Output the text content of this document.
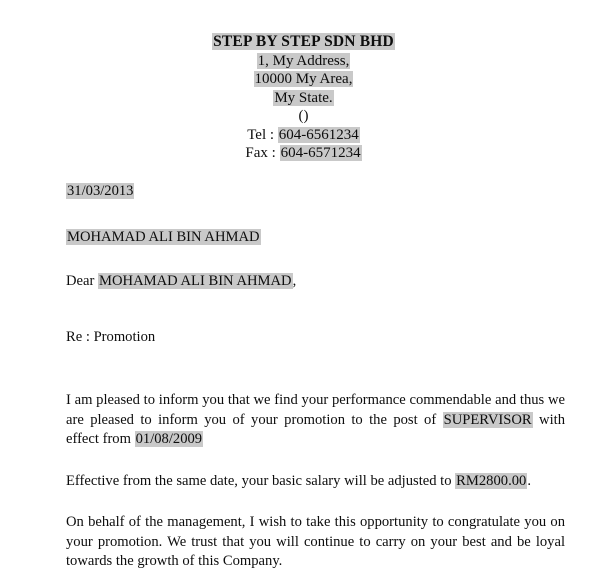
STEP BY STEP SDN BHD
1, My Address,
10000 My Area,
My State.
()
Tel : 604-6561234
Fax : 604-6571234

31/03/2013

MOHAMAD ALI BIN AHMAD

Dear MOHAMAD ALI BIN AHMAD,

Re : Promotion

I am pleased to inform you that we find your performance commendable and thus we are pleased to inform you of your promotion to the post of SUPERVISOR with effect from 01/08/2009

Effective from the same date, your basic salary will be adjusted to RM2800.00.

On behalf of the management, I wish to take this opportunity to congratulate you on your promotion. We trust that you will continue to carry on your best and be loyal towards the growth of this Company.
